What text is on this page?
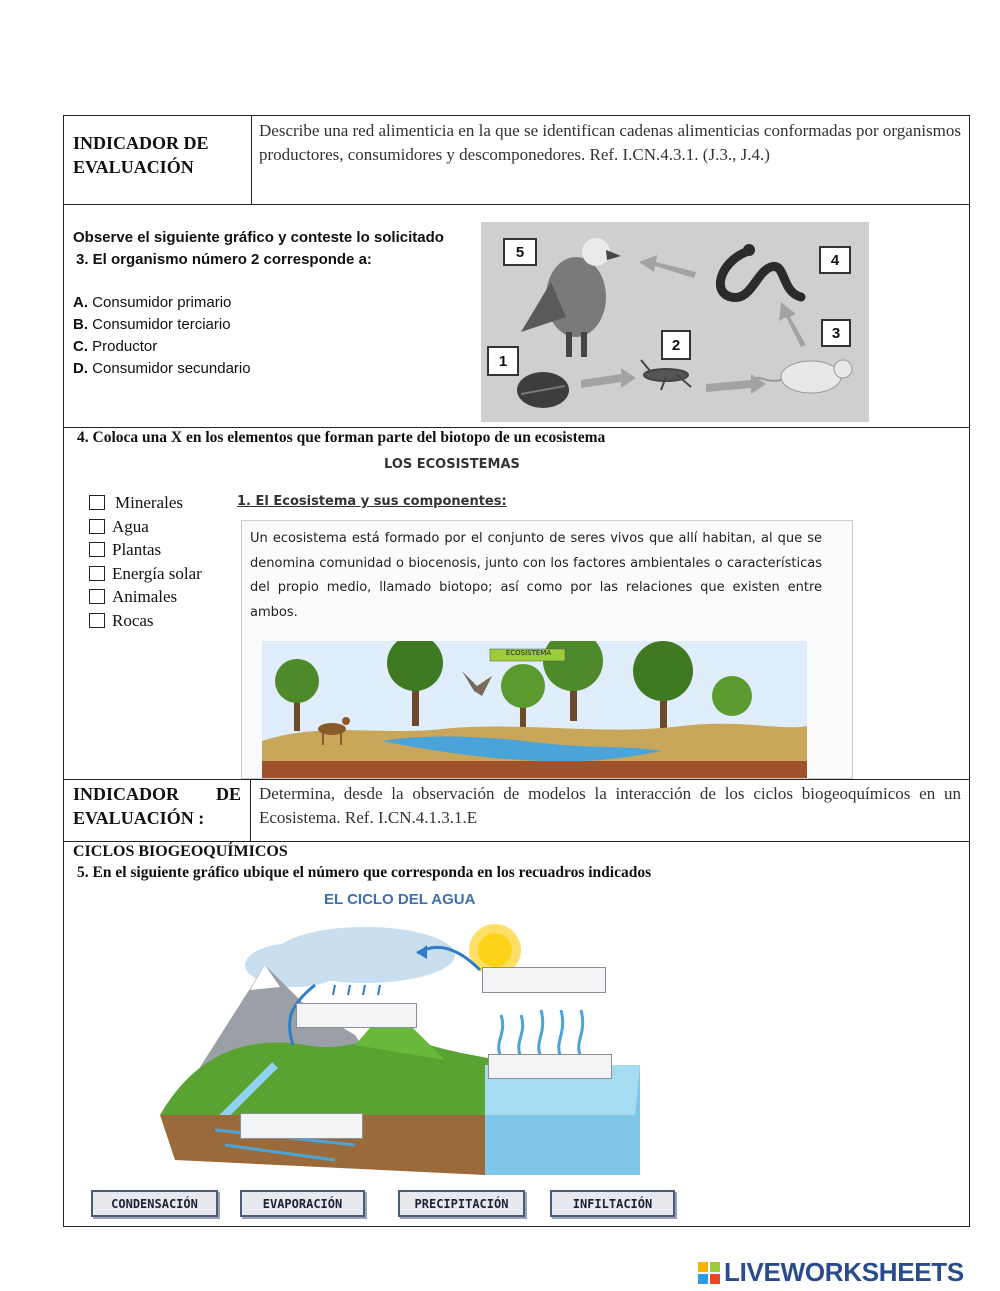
INDICADOR DE EVALUACIÓN
Describe una red alimenticia en la que se identifican cadenas alimenticias conformadas por organismos productores, consumidores y descomponedores. Ref. I.CN.4.3.1. (J.3., J.4.)
Observe el siguiente gráfico y conteste lo solicitado
3. El organismo número 2 corresponde a:
A. Consumidor primario
B. Consumidor terciario
C. Productor
D. Consumidor secundario	1
2
3
4
5
4. Coloca una X en los elementos que forman parte del biotopo de un ecosistema
Minerales
Agua
Plantas
Energía solar
Animales
Rocas
LOS ECOSISTEMAS
1. El Ecosistema y sus componentes:
Un ecosistema está formado por el conjunto de seres vivos que allí habitan, al que se denomina comunidad o biocenosis, junto con los factores ambientales o características del propio medio, llamado biotopo; así como por las relaciones que existen entre ambos.
ECOSISTEMA
INDICADOR DE EVALUACIÓN :
Determina, desde la observación de modelos la interacción de los ciclos biogeoquímicos en un Ecosistema. Ref. I.CN.4.1.3.1.E
CICLOS BIOGEOQUÍMICOS
5. En el siguiente gráfico ubique el número que corresponda en los recuadros indicados
EL CICLO DEL AGUA
CONDENSACIÓN	EVAPORACIÓN	PRECIPITACIÓN	INFILTACIÓN
LIVEWORKSHEETS
